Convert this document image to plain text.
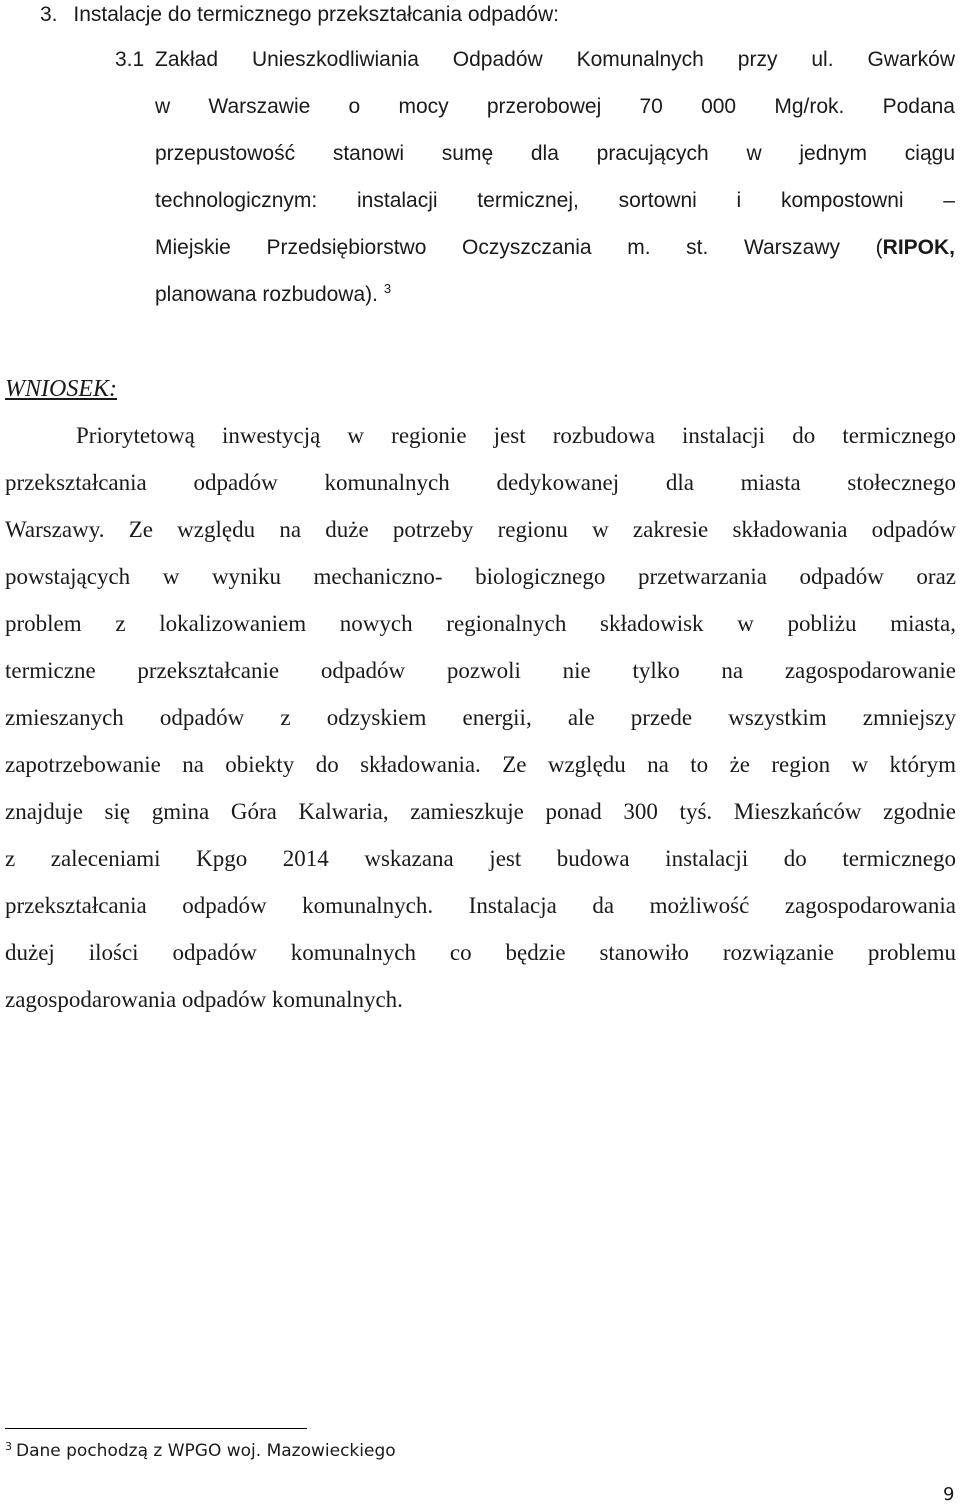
3. Instalacje do termicznego przekształcania odpadów:
3.1 Zakład Unieszkodliwiania Odpadów Komunalnych przy ul. Gwarków
w Warszawie o mocy przerobowej 70 000 Mg/rok. Podana
przepustowość stanowi sumę dla pracujących w jednym ciągu
technologicznym: instalacji termicznej, sortowni i kompostowni –
Miejskie Przedsiębiorstwo Oczyszczania m. st. Warszawy (RIPOK,
planowana rozbudowa). $^3$
WNIOSEK:
Priorytetową inwestycją w regionie jest rozbudowa instalacji do termicznego
przekształcania odpadów komunalnych dedykowanej dla miasta stołecznego
Warszawy. Ze względu na duże potrzeby regionu w zakresie składowania odpadów
powstających w wyniku mechaniczno- biologicznego przetwarzania odpadów oraz
problem z lokalizowaniem nowych regionalnych składowisk w pobliżu miasta,
termiczne przekształcanie odpadów pozwoli nie tylko na zagospodarowanie
zmieszanych odpadów z odzyskiem energii, ale przede wszystkim zmniejszy
zapotrzebowanie na obiekty do składowania. Ze względu na to że region w którym
znajduje się gmina Góra Kalwaria, zamieszkuje ponad 300 tyś. Mieszkańców zgodnie
z zaleceniami Kpgo 2014 wskazana jest budowa instalacji do termicznego
przekształcania odpadów komunalnych. Instalacja da możliwość zagospodarowania
dużej ilości odpadów komunalnych co będzie stanowiło rozwiązanie problemu
zagospodarowania odpadów komunalnych.
$^3$ Dane pochodzą z WPGO woj. Mazowieckiego
9
